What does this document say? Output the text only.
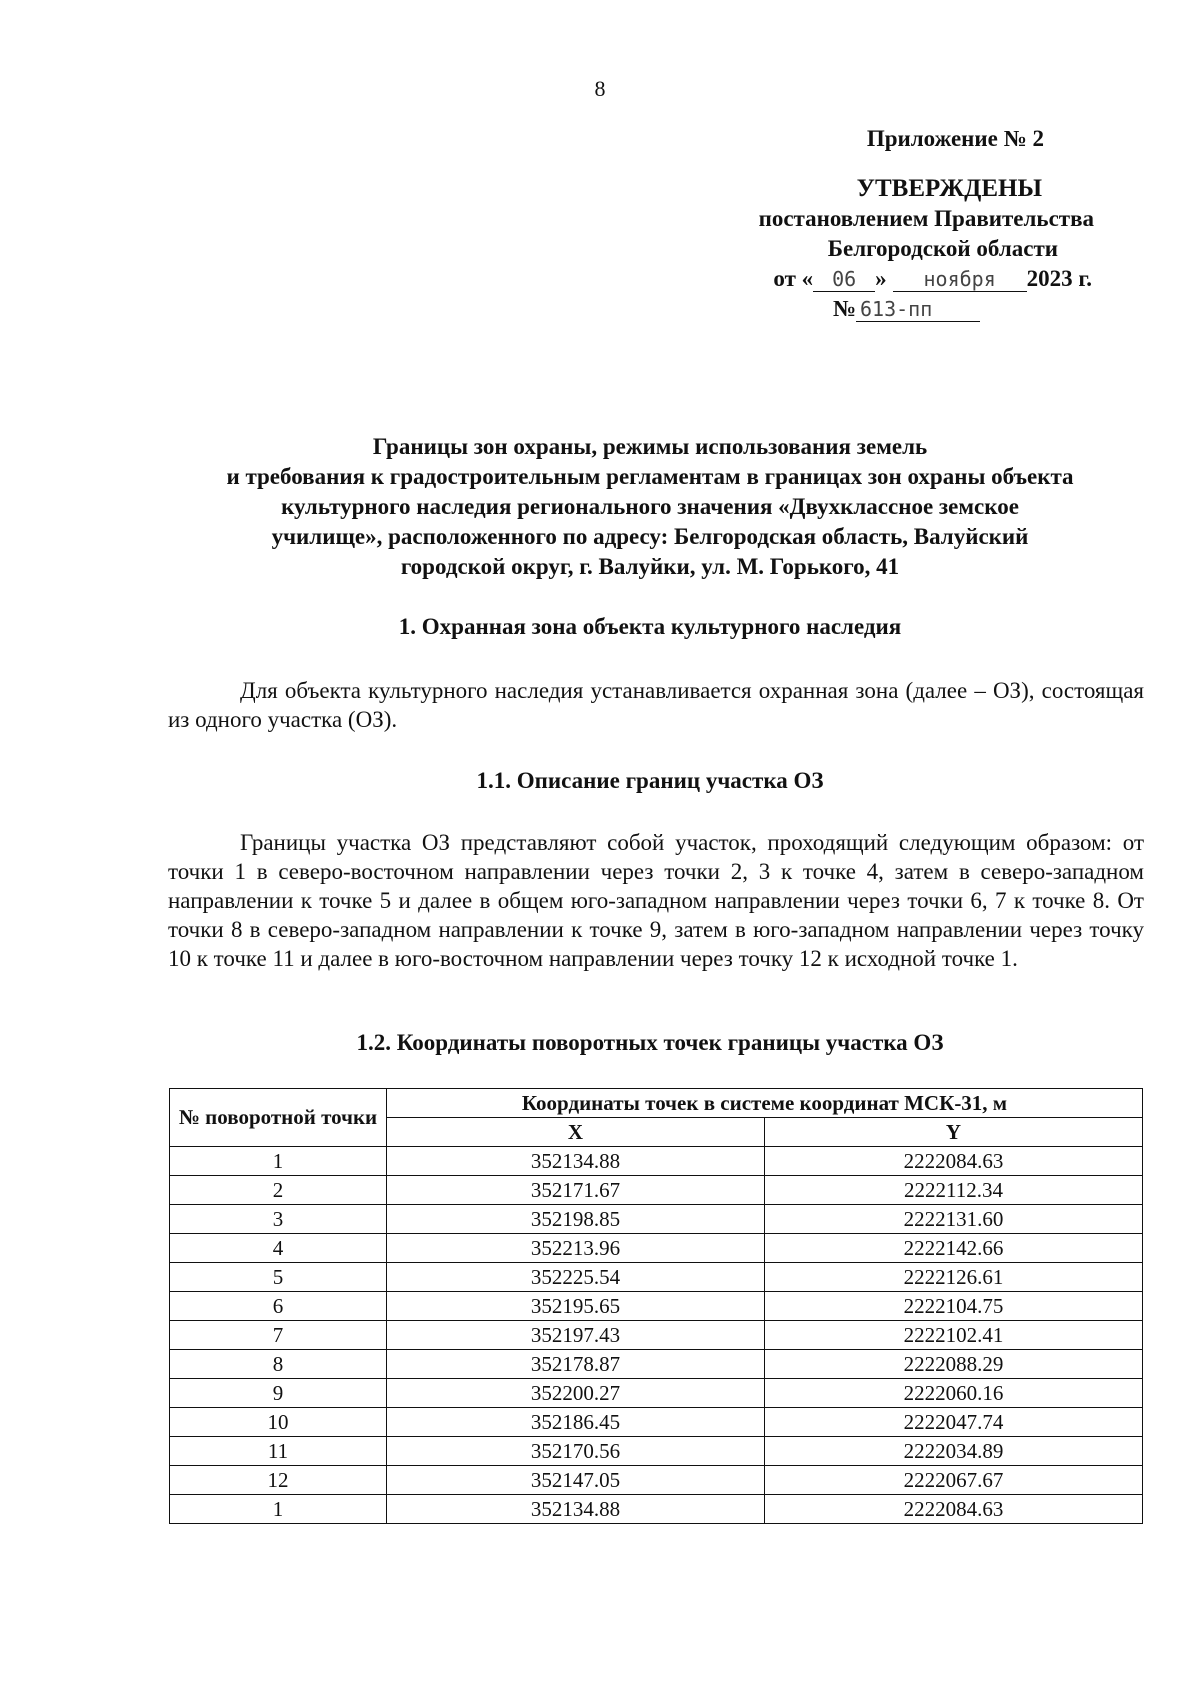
8
Приложение № 2
УТВЕРЖДЕНЫ
постановлением Правительства
Белгородской области
от « 06 » ноября 2023 г.
№ 613-пп
Границы зон охраны, режимы использования земель
и требования к градостроительным регламентам в границах зон охраны объекта
культурного наследия регионального значения «Двухклассное земское
училище», расположенного по адресу: Белгородская область, Валуйский
городской округ, г. Валуйки, ул. М. Горького, 41
1. Охранная зона объекта культурного наследия
Для объекта культурного наследия устанавливается охранная зона (далее – ОЗ), состоящая из одного участка (ОЗ).
1.1. Описание границ участка ОЗ
Границы участка ОЗ представляют собой участок, проходящий следующим образом: от точки 1 в северо-восточном направлении через точки 2, 3 к точке 4, затем в северо-западном направлении к точке 5 и далее в общем юго-западном направлении через точки 6, 7 к точке 8. От точки 8 в северо-западном направлении к точке 9, затем в юго-западном направлении через точку 10 к точке 11 и далее в юго-восточном направлении через точку 12 к исходной точке 1.
1.2. Координаты поворотных точек границы участка ОЗ
№ поворотной точки	Координаты точек в системе координат МСК-31, м	
	X	Y
1	352134.88	2222084.63
2	352171.67	2222112.34
3	352198.85	2222131.60
4	352213.96	2222142.66
5	352225.54	2222126.61
6	352195.65	2222104.75
7	352197.43	2222102.41
8	352178.87	2222088.29
9	352200.27	2222060.16
10	352186.45	2222047.74
11	352170.56	2222034.89
12	352147.05	2222067.67
1	352134.88	2222084.63
